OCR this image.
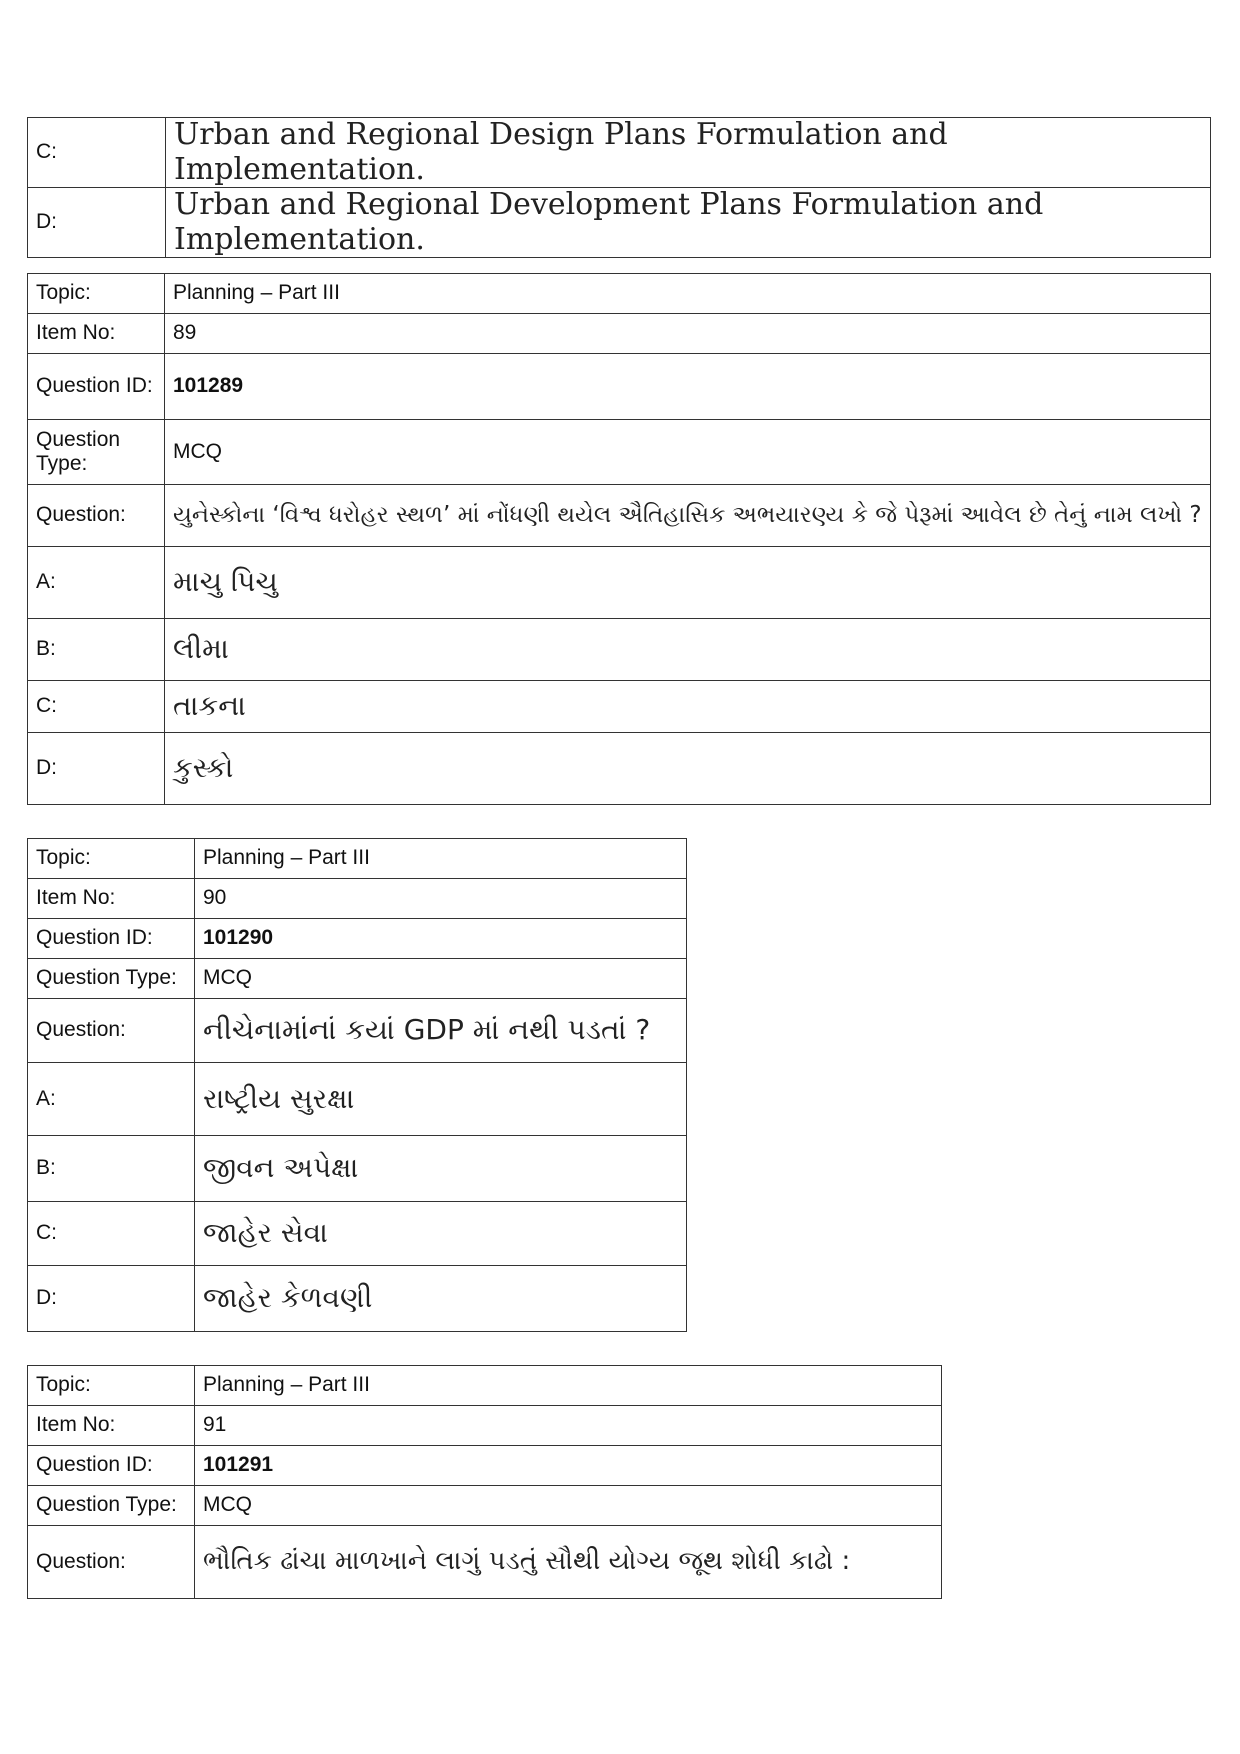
C:	Urban and Regional Design Plans Formulation and Implementation.
D:	Urban and Regional Development Plans Formulation and Implementation.
Topic:	Planning – Part III
Item No:	89
Question ID:	101289
Question Type:	MCQ
Question:	યુનેસ્કોના ‘વિશ્વ ધરોહર સ્થળ’ માં નોંધણી થયેલ ઐતિહાસિક અભયારણ્ય કે જે પેરૂમાં આવેલ છે તેનું નામ લખો ?
A:	માચુ પિચુ
B:	લીમા
C:	તાકના
D:	કુસ્કો
Topic:	Planning – Part III
Item No:	90
Question ID:	101290
Question Type:	MCQ
Question:	નીચેનામાંનાં કયાં GDP માં નથી પડતાં ?
A:	રાષ્ટ્રીય સુરક્ષા
B:	જીવન અપેક્ષા
C:	જાહેર સેવા
D:	જાહેર કેળવણી
Topic:	Planning – Part III
Item No:	91
Question ID:	101291
Question Type:	MCQ
Question:	ભૌતિક ઢાંચા માળખાને લાગું પડતું સૌથી યોગ્ય જૂથ શોધી કાઢો :
